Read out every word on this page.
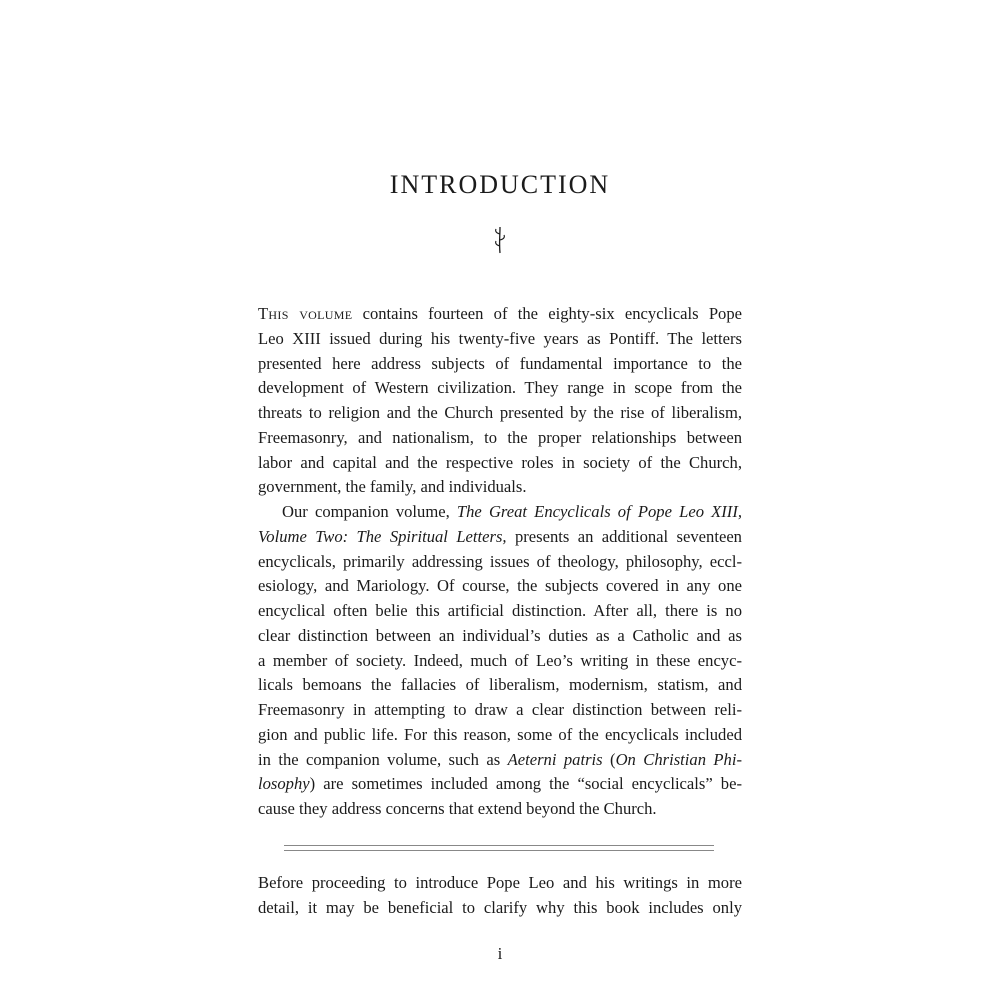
INTRODUCTION
This volume contains fourteen of the eighty-six encyclicals Pope
Leo XIII issued during his twenty-five years as Pontiff. The letters
presented here address subjects of fundamental importance to the
development of Western civilization. They range in scope from the
threats to religion and the Church presented by the rise of liberalism,
Freemasonry, and nationalism, to the proper relationships between
labor and capital and the respective roles in society of the Church,
government, the family, and individuals.
Our companion volume, The Great Encyclicals of Pope Leo XIII,
Volume Two: The Spiritual Letters, presents an additional seventeen
encyclicals, primarily addressing issues of theology, philosophy, eccl-
esiology, and Mariology. Of course, the subjects covered in any one
encyclical often belie this artificial distinction. After all, there is no
clear distinction between an individual’s duties as a Catholic and as
a member of society. Indeed, much of Leo’s writing in these encyc-
licals bemoans the fallacies of liberalism, modernism, statism, and
Freemasonry in attempting to draw a clear distinction between reli-
gion and public life. For this reason, some of the encyclicals included
in the companion volume, such as Aeterni patris (On Christian Phi-
losophy) are sometimes included among the “social encyclicals” be-
cause they address concerns that extend beyond the Church.
Before proceeding to introduce Pope Leo and his writings in more
detail, it may be beneficial to clarify why this book includes only
i
